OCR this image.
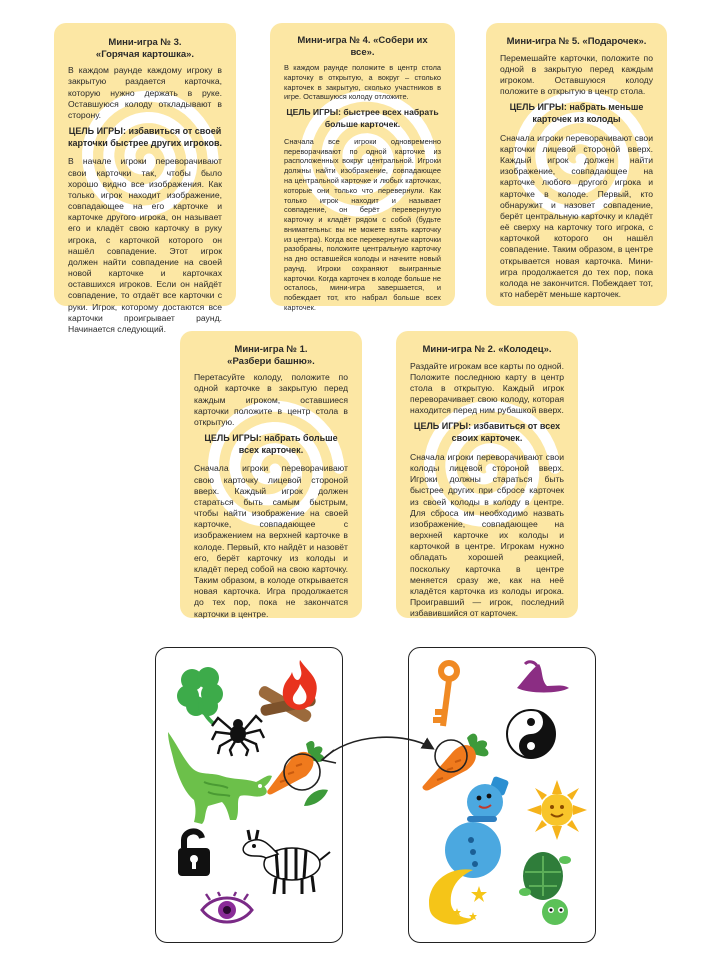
Мини-игра № 3.
«Горячая картошка».

В каждом раунде каждому игроку в закрытую раздается карточка, которую нужно держать в руке. Оставшуюся колоду откладывают в сторону.

ЦЕЛЬ ИГРЫ: избавиться от своей карточки быстрее других игроков.

В начале игроки переворачивают свои карточки так, чтобы было хорошо видно все изображения. Как только игрок находит изображение, совпадающее на его карточке и карточке другого игрока, он называет его и кладёт свою карточку в руку игрока, с карточкой которого он нашёл совпадение. Этот игрок должен найти совпадение на своей новой карточке и карточках оставшихся игроков. Если он найдёт совпадение, то отдаёт все карточки с руки. Игрок, которому достаются все карточки проигрывает раунд. Начинается следующий.

Мини-игра № 4. «Собери их все».

В каждом раунде положите в центр стола карточку в открытую, а вокруг – столько карточек в закрытую, сколько участников в игре. Оставшуюся колоду отложите.

ЦЕЛЬ ИГРЫ: быстрее всех набрать больше карточек.

Сначала все игроки одновременно переворачивают по одной карточке из расположенных вокруг центральной. Игроки должны найти изображение, совпадающее на центральной карточке и любых карточках, которые они только что перевернули. Как только игрок находит и называет совпадение, он берёт перевернутую карточку и кладёт рядом с собой (будьте внимательны: вы не можете взять карточку из центра). Когда все перевернутые карточки разобраны, положите центральную карточку на дно оставшейся колоды и начните новый раунд. Игроки сохраняют выигранные карточки. Когда карточек в колоде больше не осталось, мини-игра завершается, и побеждает тот, кто набрал больше всех карточек.

Мини-игра № 5. «Подарочек».

Перемешайте карточки, положите по одной в закрытую перед каждым игроком. Оставшуюся колоду положите в открытую в центр стола.

ЦЕЛЬ ИГРЫ: набрать меньше карточек из колоды

Сначала игроки переворачивают свои карточки лицевой стороной вверх. Каждый игрок должен найти изображение, совпадающее на карточке любого другого игрока и карточке в колоде. Первый, кто обнаружит и назовет совпадение, берёт центральную карточку и кладёт её сверху на карточку того игрока, с карточкой которого он нашёл совпадение. Таким образом, в центре открывается новая карточка. Мини-игра продолжается до тех пор, пока колода не закончится. Побеждает тот, кто наберёт меньше карточек.

Мини-игра № 1.
«Разбери башню».

Перетасуйте колоду, положите по одной карточке в закрытую перед каждым игроком, оставшиеся карточки положите в центр стола в открытую.

ЦЕЛЬ ИГРЫ: набрать больше всех карточек.

Сначала игроки переворачивают свою карточку лицевой стороной вверх. Каждый игрок должен стараться быть самым быстрым, чтобы найти изображение на своей карточке, совпадающее с изображением на верхней карточке в колоде. Первый, кто найдёт и назовёт его, берёт карточку из колоды и кладёт перед собой на свою карточку. Таким образом, в колоде открывается новая карточка. Игра продолжается до тех пор, пока не закончатся карточки в центре.

Мини-игра № 2. «Колодец».

Раздайте игрокам все карты по одной. Положите последнюю карту в центр стола в открытую. Каждый игрок переворачивает свою колоду, которая находится перед ним рубашкой вверх.

ЦЕЛЬ ИГРЫ: избавиться от всех своих карточек.

Сначала игроки переворачивают свои колоды лицевой стороной вверх. Игроки должны стараться быть быстрее других при сбросе карточек из своей колоды в колоду в центре. Для сброса им необходимо назвать изображение, совпадающее на верхней карточке их колоды и карточкой в центре. Игрокам нужно обладать хорошей реакцией, поскольку карточка в центре меняется сразу же, как на неё кладётся карточка из колоды игрока. Проигравший — игрок, последний избавившийся от карточек.
